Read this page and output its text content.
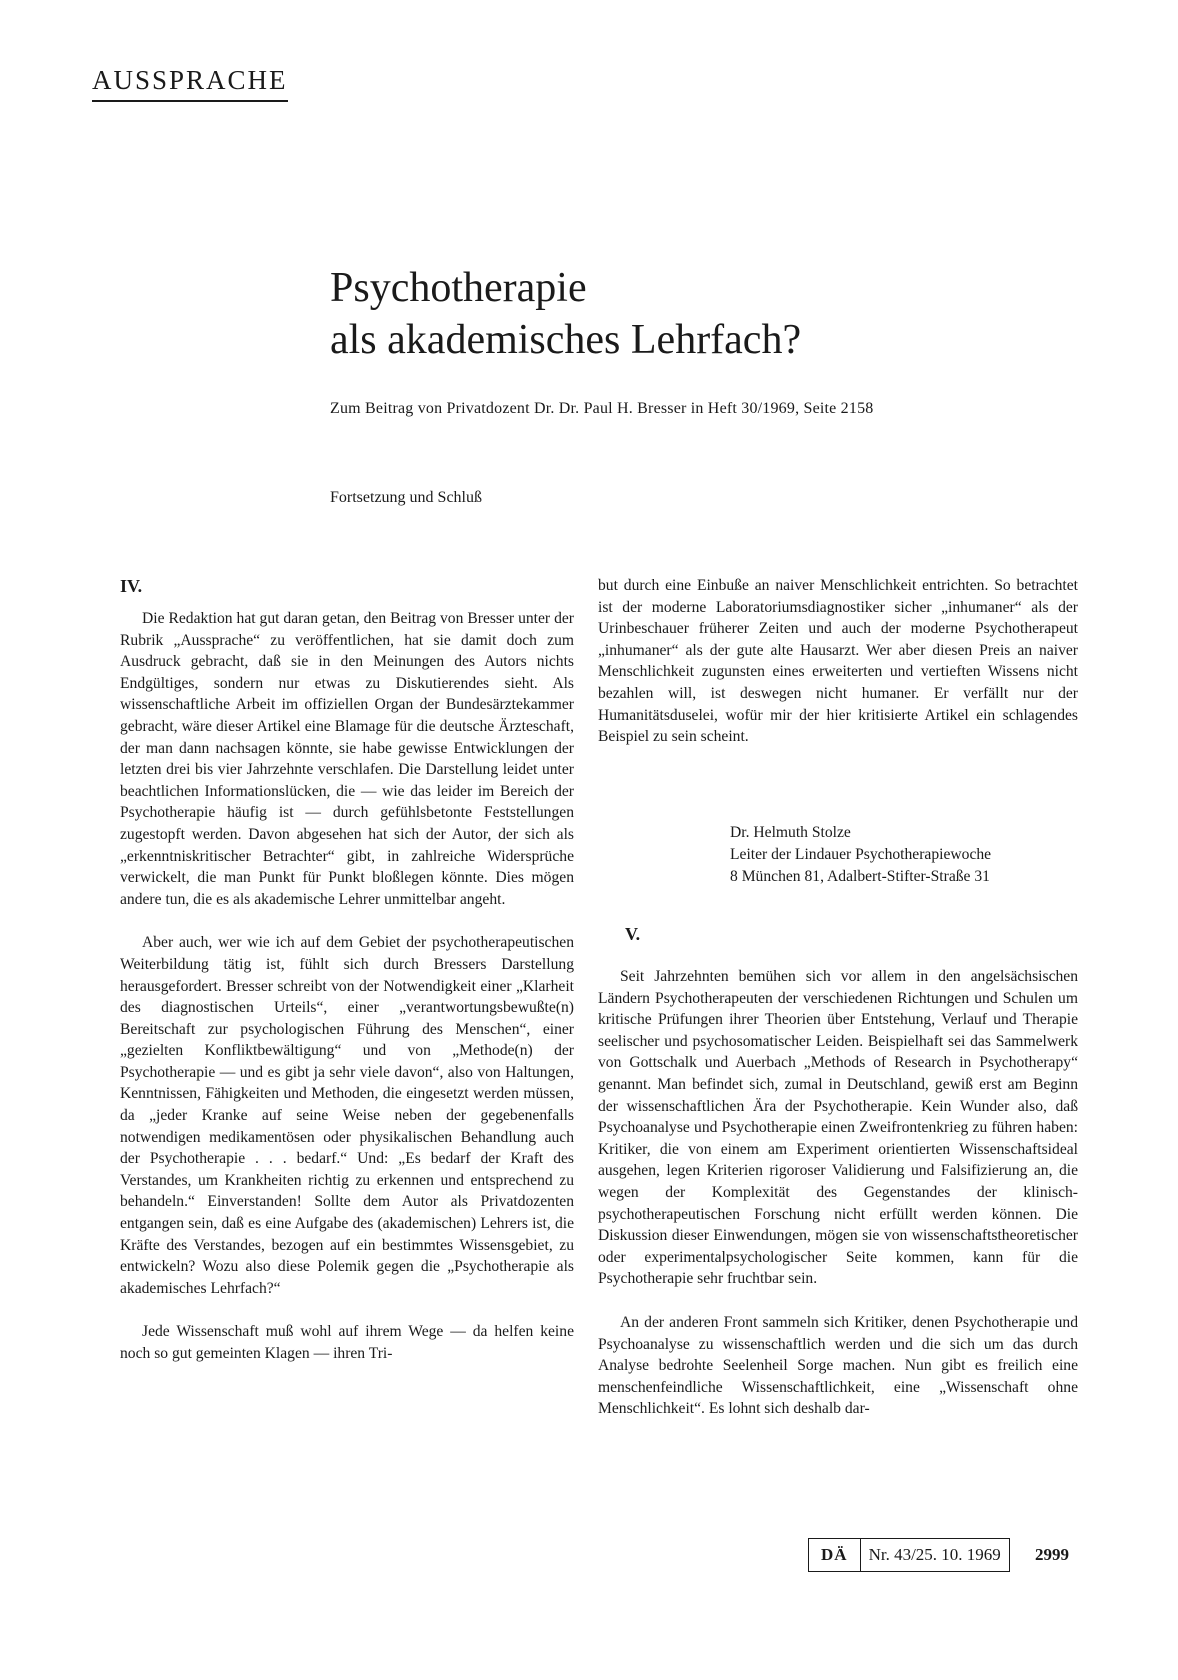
AUSSPRACHE
Psychotherapie
als akademisches Lehrfach?
Zum Beitrag von Privatdozent Dr. Dr. Paul H. Bresser in Heft 30/1969, Seite 2158
Fortsetzung und Schluß
IV.

Die Redaktion hat gut daran getan, den Beitrag von Bresser unter der Rubrik „Aussprache“ zu veröffentlichen, hat sie damit doch zum Ausdruck gebracht, daß sie in den Meinungen des Autors nichts Endgültiges, sondern nur etwas zu Diskutierendes sieht. Als wissenschaftliche Arbeit im offiziellen Organ der Bundesärztekammer gebracht, wäre dieser Artikel eine Blamage für die deutsche Ärzteschaft, der man dann nachsagen könnte, sie habe gewisse Entwicklungen der letzten drei bis vier Jahrzehnte verschlafen. Die Darstellung leidet unter beachtlichen Informationslücken, die — wie das leider im Bereich der Psychotherapie häufig ist — durch gefühlsbetonte Feststellungen zugestopft werden. Davon abgesehen hat sich der Autor, der sich als „erkenntniskritischer Betrachter“ gibt, in zahlreiche Widersprüche verwickelt, die man Punkt für Punkt bloßlegen könnte. Dies mögen andere tun, die es als akademische Lehrer unmittelbar angeht.

Aber auch, wer wie ich auf dem Gebiet der psychotherapeutischen Weiterbildung tätig ist, fühlt sich durch Bressers Darstellung herausgefordert. Bresser schreibt von der Notwendigkeit einer „Klarheit des diagnostischen Urteils“, einer „verantwortungsbewußte(n) Bereitschaft zur psychologischen Führung des Menschen“, einer „gezielten Konfliktbewältigung“ und von „Methode(n) der Psychotherapie — und es gibt ja sehr viele davon“, also von Haltungen, Kenntnissen, Fähigkeiten und Methoden, die eingesetzt werden müssen, da „jeder Kranke auf seine Weise neben der gegebenenfalls notwendigen medikamentösen oder physikalischen Behandlung auch der Psychotherapie . . . bedarf.“ Und: „Es bedarf der Kraft des Verstandes, um Krankheiten richtig zu erkennen und entsprechend zu behandeln.“ Einverstanden! Sollte dem Autor als Privatdozenten entgangen sein, daß es eine Aufgabe des (akademischen) Lehrers ist, die Kräfte des Verstandes, bezogen auf ein bestimmtes Wissensgebiet, zu entwickeln? Wozu also diese Polemik gegen die „Psychotherapie als akademisches Lehrfach?“

Jede Wissenschaft muß wohl auf ihrem Wege — da helfen keine noch so gut gemeinten Klagen — ihren Tri-

but durch eine Einbuße an naiver Menschlichkeit entrichten. So betrachtet ist der moderne Laboratoriumsdiagnostiker sicher „inhumaner“ als der Urinbeschauer früherer Zeiten und auch der moderne Psychotherapeut „inhumaner“ als der gute alte Hausarzt. Wer aber diesen Preis an naiver Menschlichkeit zugunsten eines erweiterten und vertieften Wissens nicht bezahlen will, ist deswegen nicht humaner. Er verfällt nur der Humanitätsduselei, wofür mir der hier kritisierte Artikel ein schlagendes Beispiel zu sein scheint.

Dr. Helmuth Stolze
Leiter der Lindauer Psychotherapiewoche
8 München 81, Adalbert-Stifter-Straße 31
V.

Seit Jahrzehnten bemühen sich vor allem in den angelsächsischen Ländern Psychotherapeuten der verschiedenen Richtungen und Schulen um kritische Prüfungen ihrer Theorien über Entstehung, Verlauf und Therapie seelischer und psychosomatischer Leiden. Beispielhaft sei das Sammelwerk von Gottschalk und Auerbach „Methods of Research in Psychotherapy“ genannt. Man befindet sich, zumal in Deutschland, gewiß erst am Beginn der wissenschaftlichen Ära der Psychotherapie. Kein Wunder also, daß Psychoanalyse und Psychotherapie einen Zweifrontenkrieg zu führen haben: Kritiker, die von einem am Experiment orientierten Wissenschaftsideal ausgehen, legen Kriterien rigoroser Validierung und Falsifizierung an, die wegen der Komplexität des Gegenstandes der klinisch-psychotherapeutischen Forschung nicht erfüllt werden können. Die Diskussion dieser Einwendungen, mögen sie von wissenschaftstheoretischer oder experimentalpsychologischer Seite kommen, kann für die Psychotherapie sehr fruchtbar sein.

An der anderen Front sammeln sich Kritiker, denen Psychotherapie und Psychoanalyse zu wissenschaftlich werden und die sich um das durch Analyse bedrohte Seelenheil Sorge machen. Nun gibt es freilich eine menschenfeindliche Wissenschaftlichkeit, eine „Wissenschaft ohne Menschlichkeit“. Es lohnt sich deshalb dar-

DÄ	Nr. 43/25. 10. 1969	2999
